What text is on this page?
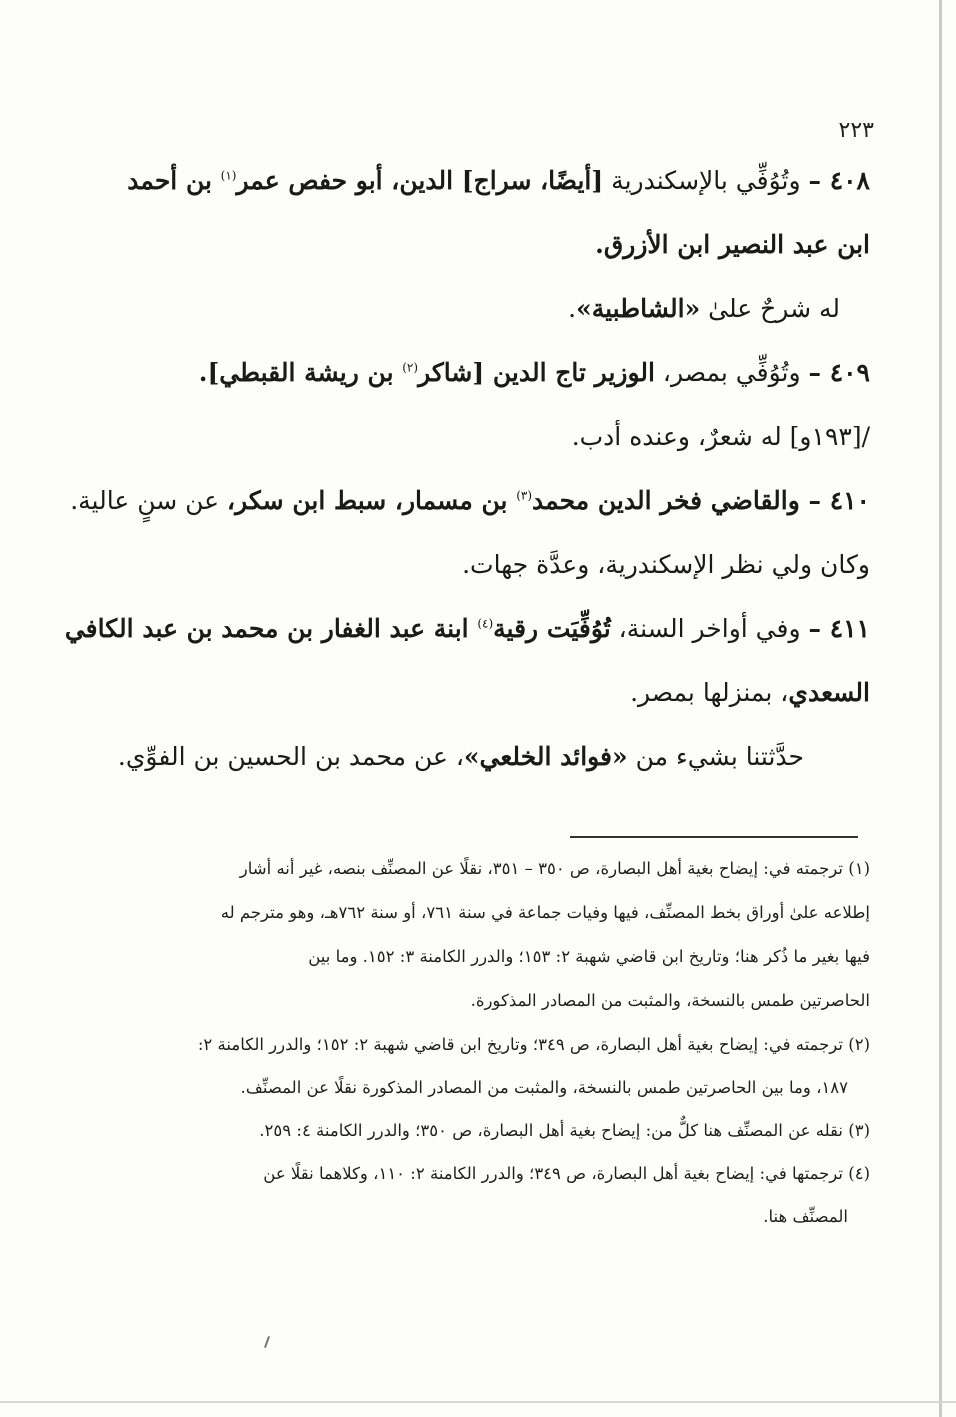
٢٢٣
٤٠٨ – وتُوُفِّي بالإسكندرية [أيضًا، سراج] الدين، أبو حفص عمر$^{(١)}$ بن أحمد
ابن عبد النصير ابن الأزرق.
له شرحٌ علىٰ «الشاطبية».
٤٠٩ – وتُوُفِّي بمصر، الوزير تاج الدين [شاكر$^{(٢)}$ بن ريشة القبطي].
/[١٩٣و] له شعرٌ، وعنده أدب.
٤١٠ – والقاضي فخر الدين محمد$^{(٣)}$ بن مسمار، سبط ابن سكر، عن سنٍ عالية.
وكان ولي نظر الإسكندرية، وعدَّة جهات.
٤١١ – وفي أواخر السنة، تُوُفِّيَت رقية$^{(٤)}$ ابنة عبد الغفار بن محمد بن عبد الكافي
السعدي، بمنزلها بمصر.
حدَّثتنا بشيء من «فوائد الخلعي»، عن محمد بن الحسين بن الفوِّي.
(١) ترجمته في: إيضاح بغية أهل البصارة، ص ٣٥٠ – ٣٥١، نقلًا عن المصنِّف بنصه، غير أنه أشار
إطلاعه علىٰ أوراق بخط المصنِّف، فيها وفيات جماعة في سنة ٧٦١، أو سنة ٧٦٢هـ، وهو مترجم له
فيها بغير ما ذُكر هنا؛ وتاريخ ابن قاضي شهبة ٢: ١٥٣؛ والدرر الكامنة ٣: ١٥٢. وما بين
الحاصرتين طمس بالنسخة، والمثبت من المصادر المذكورة.
(٢) ترجمته في: إيضاح بغية أهل البصارة، ص ٣٤٩؛ وتاريخ ابن قاضي شهبة ٢: ١٥٢؛ والدرر الكامنة ٢:
١٨٧، وما بين الحاصرتين طمس بالنسخة، والمثبت من المصادر المذكورة نقلًا عن المصنِّف.
(٣) نقله عن المصنِّف هنا كلٌّ من: إيضاح بغية أهل البصارة، ص ٣٥٠؛ والدرر الكامنة ٤: ٢٥٩.
(٤) ترجمتها في: إيضاح بغية أهل البصارة، ص ٣٤٩؛ والدرر الكامنة ٢: ١١٠، وكلاهما نقلًا عن
المصنِّف هنا.
